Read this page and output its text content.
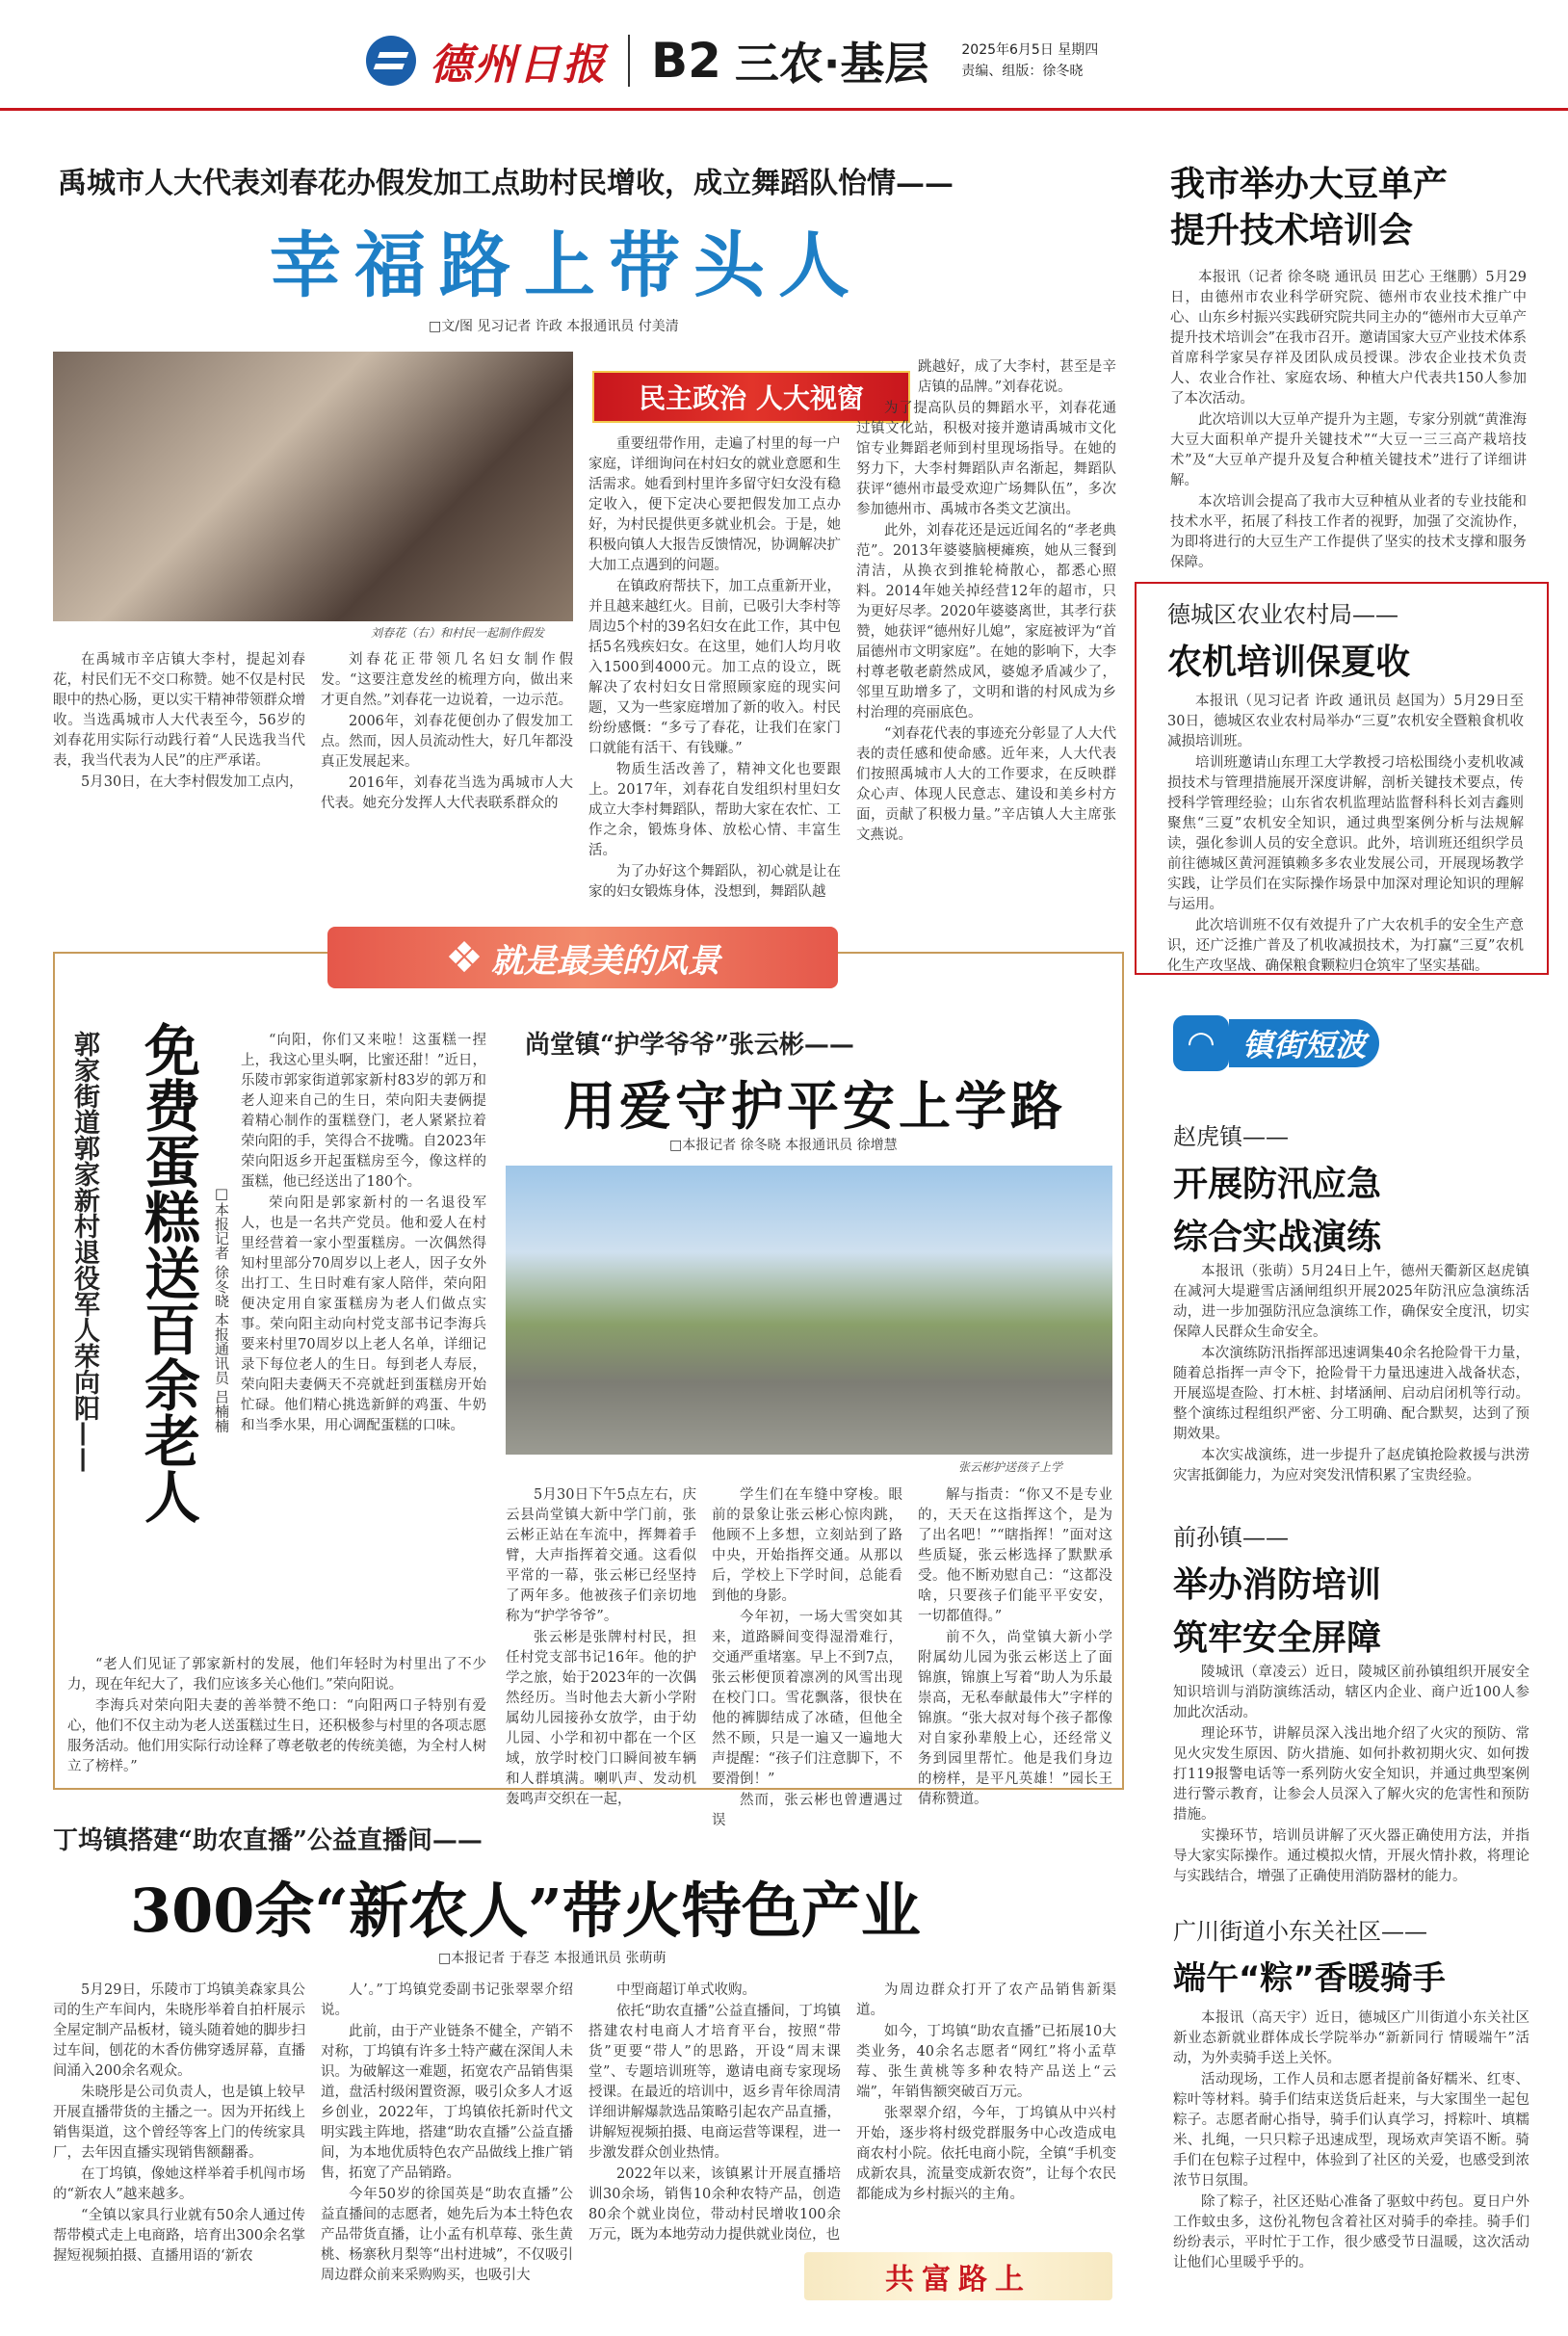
德州日报 B2 三农·基层 2025年6月5日 星期四
责编、组版：徐冬晓
禹城市人大代表刘春花办假发加工点助村民增收，成立舞蹈队怡情——
幸福路上带头人
□文/图 见习记者 许政 本报通讯员 付美清
刘春花（右）和村民一起制作假发
民主政治 人大视窗

在禹城市辛店镇大李村，提起刘春花，村民们无不交口称赞。她不仅是村民眼中的热心肠，更以实干精神带领群众增收。当选禹城市人大代表至今，56岁的刘春花用实际行动践行着“人民选我当代表，我当代表为人民”的庄严承诺。

5月30日，在大李村假发加工点内，

刘春花正带领几名妇女制作假发。“这要注意发丝的梳理方向，做出来才更自然。”刘春花一边说着，一边示范。

2006年，刘春花便创办了假发加工点。然而，因人员流动性大，好几年都没真正发展起来。

2016年，刘春花当选为禹城市人大代表。她充分发挥人大代表联系群众的

重要纽带作用，走遍了村里的每一户家庭，详细询问在村妇女的就业意愿和生活需求。她看到村里许多留守妇女没有稳定收入，便下定决心要把假发加工点办好，为村民提供更多就业机会。于是，她积极向镇人大报告反馈情况，协调解决扩大加工点遇到的问题。

在镇政府帮扶下，加工点重新开业，并且越来越红火。目前，已吸引大李村等周边5个村的39名妇女在此工作，其中包括5名残疾妇女。在这里，她们人均月收入1500到4000元。加工点的设立，既解决了农村妇女日常照顾家庭的现实问题，又为一些家庭增加了新的收入。村民纷纷感慨：“多亏了春花，让我们在家门口就能有活干、有钱赚。”

物质生活改善了，精神文化也要跟上。2017年，刘春花自发组织村里妇女成立大李村舞蹈队，帮助大家在农忙、工作之余，锻炼身体、放松心情、丰富生活。

为了办好这个舞蹈队，初心就是让在家的妇女锻炼身体，没想到，舞蹈队越

跳越好，成了大李村，甚至是辛店镇的品牌。”刘春花说。

为了提高队员的舞蹈水平，刘春花通过镇文化站，积极对接并邀请禹城市文化馆专业舞蹈老师到村里现场指导。在她的努力下，大李村舞蹈队声名渐起，舞蹈队获评“德州市最受欢迎广场舞队伍”，多次参加德州市、禹城市各类文艺演出。

此外，刘春花还是远近闻名的“孝老典范”。2013年婆婆脑梗瘫痪，她从三餐到清洁，从换衣到推轮椅散心，都悉心照料。2014年她关掉经营12年的超市，只为更好尽孝。2020年婆婆离世，其孝行获赞，她获评“德州好儿媳”，家庭被评为“首届德州市文明家庭”。在她的影响下，大李村尊老敬老蔚然成风，婆媳矛盾减少了，邻里互助增多了，文明和谐的村风成为乡村治理的亮丽底色。

“刘春花代表的事迹充分彰显了人大代表的责任感和使命感。近年来，人大代表们按照禹城市人大的工作要求，在反映群众心声、体现人民意志、建设和美乡村方面，贡献了积极力量。”辛店镇人大主席张文燕说。

我市举办大豆单产提升技术培训会

本报讯（记者 徐冬晓 通讯员 田艺心 王继鹏）5月29日，由德州市农业科学研究院、德州市农业技术推广中心、山东乡村振兴实践研究院共同主办的“德州市大豆单产提升技术培训会”在我市召开。邀请国家大豆产业技术体系首席科学家吴存祥及团队成员授课。涉农企业技术负责人、农业合作社、家庭农场、种植大户代表共150人参加了本次活动。

此次培训以大豆单产提升为主题，专家分别就“黄淮海大豆大面积单产提升关键技术”“大豆一三三高产栽培技术”及“大豆单产提升及复合种植关键技术”进行了详细讲解。

本次培训会提高了我市大豆种植从业者的专业技能和技术水平，拓展了科技工作者的视野，加强了交流协作，为即将进行的大豆生产工作提供了坚实的技术支撑和服务保障。

德城区农业农村局——
农机培训保夏收

本报讯（见习记者 许政 通讯员 赵国为）5月29日至30日，德城区农业农村局举办“三夏”农机安全暨粮食机收减损培训班。

培训班邀请山东理工大学教授刁培松围绕小麦机收减损技术与管理措施展开深度讲解，剖析关键技术要点，传授科学管理经验；山东省农机监理站监督科科长刘吉鑫则聚焦“三夏”农机安全知识，通过典型案例分析与法规解读，强化参训人员的安全意识。此外，培训班还组织学员前往德城区黄河涯镇赖多多农业发展公司，开展现场教学实践，让学员们在实际操作场景中加深对理论知识的理解与运用。

此次培训班不仅有效提升了广大农机手的安全生产意识，还广泛推广普及了机收减损技术，为打赢“三夏”农机化生产攻坚战、确保粮食颗粒归仓筑牢了坚实基础。

◠ 镇街 短波
赵虎镇——
开展防汛应急
综合实战演练

本报讯（张萌）5月24日上午，德州天衢新区赵虎镇在减河大堤避雪店涵闸组织开展2025年防汛应急演练活动，进一步加强防汛应急演练工作，确保安全度汛，切实保障人民群众生命安全。

本次演练防汛指挥部迅速调集40余名抢险骨干力量，随着总指挥一声令下，抢险骨干力量迅速进入战备状态，开展巡堤查险、打木桩、封堵涵闸、启动启闭机等行动。整个演练过程组织严密、分工明确、配合默契，达到了预期效果。

本次实战演练，进一步提升了赵虎镇抢险救援与洪涝灾害抵御能力，为应对突发汛情积累了宝贵经验。

前孙镇——
举办消防培训
筑牢安全屏障

陵城讯（章凌云）近日，陵城区前孙镇组织开展安全知识培训与消防演练活动，辖区内企业、商户近100人参加此次活动。

理论环节，讲解员深入浅出地介绍了火灾的预防、常见火灾发生原因、防火措施、如何扑救初期火灾、如何拨打119报警电话等一系列防火安全知识，并通过典型案例进行警示教育，让参会人员深入了解火灾的危害性和预防措施。

实操环节，培训员讲解了灭火器正确使用方法，并指导大家实际操作。通过模拟火情，开展火情扑救，将理论与实践结合，增强了正确使用消防器材的能力。

广川街道小东关社区——
端午“粽”香暖骑手

本报讯（高天宇）近日，德城区广川街道小东关社区新业态新就业群体成长学院举办“新新同行 情暖端午”活动，为外卖骑手送上关怀。

活动现场，工作人员和志愿者提前备好糯米、红枣、粽叶等材料。骑手们结束送货后赶来，与大家围坐一起包粽子。志愿者耐心指导，骑手们认真学习，捋粽叶、填糯米、扎绳，一只只粽子迅速成型，现场欢声笑语不断。骑手们在包粽子过程中，体验到了社区的关爱，也感受到浓浓节日氛围。

除了粽子，社区还贴心准备了驱蚊中药包。夏日户外工作蚊虫多，这份礼物包含着社区对骑手的牵挂。骑手们纷纷表示，平时忙于工作，很少感受节日温暖，这次活动让他们心里暖乎乎的。

❖ 就是最美的风景
郭家街道郭家新村退役军人荣向阳—— 免费蛋糕送百余老人 □本报记者 徐冬晓 本报通讯员 吕楠楠

“向阳，你们又来啦！这蛋糕一捏上，我这心里头啊，比蜜还甜！”近日，乐陵市郭家街道郭家新村83岁的郭万和老人迎来自己的生日，荣向阳夫妻俩提着精心制作的蛋糕登门，老人紧紧拉着荣向阳的手，笑得合不拢嘴。自2023年荣向阳返乡开起蛋糕房至今，像这样的蛋糕，他已经送出了180个。

荣向阳是郭家新村的一名退役军人，也是一名共产党员。他和爱人在村里经营着一家小型蛋糕房。一次偶然得知村里部分70周岁以上老人，因子女外出打工、生日时难有家人陪伴，荣向阳便决定用自家蛋糕房为老人们做点实事。荣向阳主动向村党支部书记李海兵要来村里70周岁以上老人名单，详细记录下每位老人的生日。每到老人寿辰，荣向阳夫妻俩天不亮就赶到蛋糕房开始忙碌。他们精心挑选新鲜的鸡蛋、牛奶和当季水果，用心调配蛋糕的口味。

“老人们见证了郭家新村的发展，他们年轻时为村里出了不少力，现在年纪大了，我们应该多关心他们。”荣向阳说。

李海兵对荣向阳夫妻的善举赞不绝口：“向阳两口子特别有爱心，他们不仅主动为老人送蛋糕过生日，还积极参与村里的各项志愿服务活动。他们用实际行动诠释了尊老敬老的传统美德，为全村人树立了榜样。”

尚堂镇“护学爷爷”张云彬——
用爱守护平安上学路
□本报记者 徐冬晓 本报通讯员 徐增慧
张云彬护送孩子上学

5月30日下午5点左右，庆云县尚堂镇大新中学门前，张云彬正站在车流中，挥舞着手臂，大声指挥着交通。这看似平常的一幕，张云彬已经坚持了两年多。他被孩子们亲切地称为“护学爷爷”。

张云彬是张牌村村民，担任村党支部书记16年。他的护学之旅，始于2023年的一次偶然经历。当时他去大新小学附属幼儿园接孙女放学，由于幼儿园、小学和初中都在一个区域，放学时校门口瞬间被车辆和人群填满。喇叭声、发动机轰鸣声交织在一起，

学生们在车缝中穿梭。眼前的景象让张云彬心惊肉跳，他顾不上多想，立刻站到了路中央，开始指挥交通。从那以后，学校上下学时间，总能看到他的身影。

今年初，一场大雪突如其来，道路瞬间变得湿滑难行，交通严重堵塞。早上不到7点，张云彬便顶着凛冽的风雪出现在校门口。雪花飘落，很快在他的裤脚结成了冰碴，但他全然不顾，只是一遍又一遍地大声提醒：“孩子们注意脚下，不要滑倒！”

然而，张云彬也曾遭遇过误

解与指责：“你又不是专业的，天天在这指挥这个，是为了出名吧！”“瞎指挥！”面对这些质疑，张云彬选择了默默承受。他不断劝慰自己：“这都没啥，只要孩子们能平平安安，一切都值得。”

前不久，尚堂镇大新小学附属幼儿园为张云彬送上了面锦旗，锦旗上写着“助人为乐最崇高，无私奉献最伟大”字样的锦旗。“张大叔对每个孩子都像对自家孙辈般上心，还经常义务到园里帮忙。他是我们身边的榜样，是平凡英雄！”园长王倩称赞道。

丁坞镇搭建“助农直播”公益直播间——
300余“新农人”带火特色产业
□本报记者 于春芝 本报通讯员 张萌萌

5月29日，乐陵市丁坞镇美森家具公司的生产车间内，朱晓彤举着自拍杆展示全屋定制产品板材，镜头随着她的脚步扫过车间，刨花的木香仿佛穿透屏幕，直播间涌入200余名观众。

朱晓彤是公司负责人，也是镇上较早开展直播带货的主播之一。因为开拓线上销售渠道，这个曾经等客上门的传统家具厂，去年因直播实现销售额翻番。

在丁坞镇，像她这样举着手机闯市场的“新农人”越来越多。

“全镇以家具行业就有50余人通过传帮带模式走上电商路，培育出300余名掌握短视频拍摄、直播用语的‘新农

人’。”丁坞镇党委副书记张翠翠介绍说。

此前，由于产业链条不健全，产销不对称，丁坞镇有许多土特产藏在深闺人未识。为破解这一难题，拓宽农产品销售渠道，盘活村级闲置资源，吸引众多人才返乡创业，2022年，丁坞镇依托新时代文明实践主阵地，搭建“助农直播”公益直播间，为本地优质特色农产品做线上推广销售，拓宽了产品销路。

今年50岁的徐国英是“助农直播”公益直播间的志愿者，她先后为本土特色农产品带货直播，让小孟有机草莓、张生黄桃、杨寨秋月梨等“出村进城”，不仅吸引周边群众前来采购购买，也吸引大

中型商超订单式收购。

依托“助农直播”公益直播间，丁坞镇搭建农村电商人才培育平台，按照“带货”更要“带人”的思路，开设“周末课堂”、专题培训班等，邀请电商专家现场授课。在最近的培训中，返乡青年徐周清详细讲解爆款选品策略引起农产品直播，讲解短视频拍摄、电商运营等课程，进一步激发群众创业热情。

2022年以来，该镇累计开展直播培训30余场，销售10余种农特产品，创造80余个就业岗位，带动村民增收100余万元，既为本地劳动力提供就业岗位，也

为周边群众打开了农产品销售新渠道。

如今，丁坞镇“助农直播”已拓展10大类业务，40余名志愿者“网红”将小孟草莓、张生黄桃等多种农特产品送上“云端”，年销售额突破百万元。

张翠翠介绍，今年，丁坞镇从中兴村开始，逐步将村级党群服务中心改造成电商农村小院。依托电商小院，全镇“手机变成新农具，流量变成新农资”，让每个农民都能成为乡村振兴的主角。

共富路上
